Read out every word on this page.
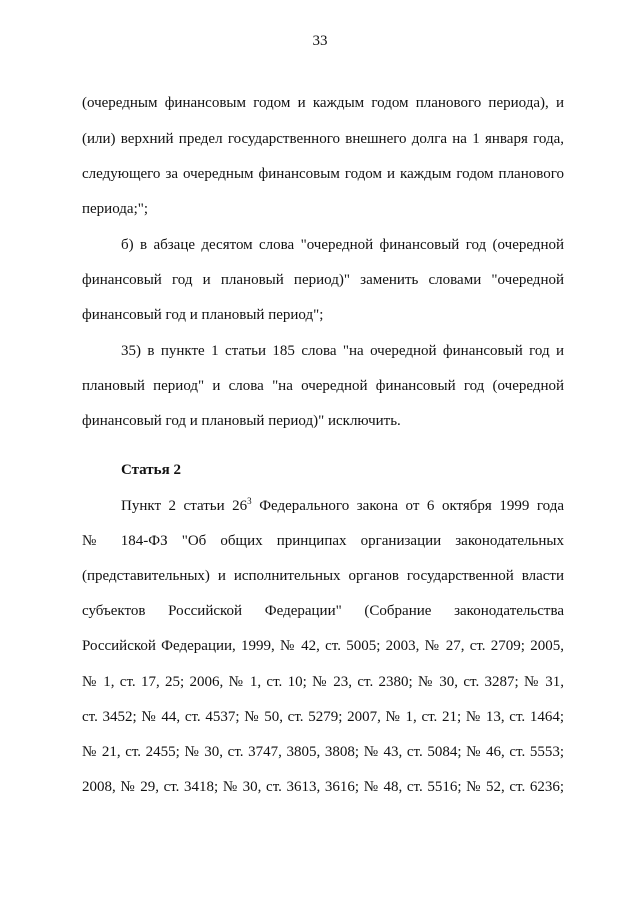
33
(очередным финансовым годом и каждым годом планового периода), и
(или) верхний предел государственного внешнего долга на 1 января года,
следующего за очередным финансовым годом и каждым годом планового
периода;";
б) в абзаце десятом слова "очередной финансовый год (очередной
финансовый год и плановый период)" заменить словами "очередной
финансовый год и плановый период";
35) в пункте 1 статьи 185 слова "на очередной финансовый год и
плановый период" и слова "на очередной финансовый год (очередной
финансовый год и плановый период)" исключить.
Статья 2
Пункт 2 статьи $26^3$ Федерального закона от 6 октября 1999 года
№ 184-ФЗ "Об общих принципах организации законодательных
(представительных) и исполнительных органов государственной власти
субъектов Российской Федерации" (Собрание законодательства
Российской Федерации, 1999, № 42, ст. 5005; 2003, № 27, ст. 2709; 2005,
№ 1, ст. 17, 25; 2006, № 1, ст. 10; № 23, ст. 2380; № 30, ст. 3287; № 31,
ст. 3452; № 44, ст. 4537; № 50, ст. 5279; 2007, № 1, ст. 21; № 13, ст. 1464;
№ 21, ст. 2455; № 30, ст. 3747, 3805, 3808; № 43, ст. 5084; № 46, ст. 5553;
2008, № 29, ст. 3418; № 30, ст. 3613, 3616; № 48, ст. 5516; № 52, ст. 6236;
